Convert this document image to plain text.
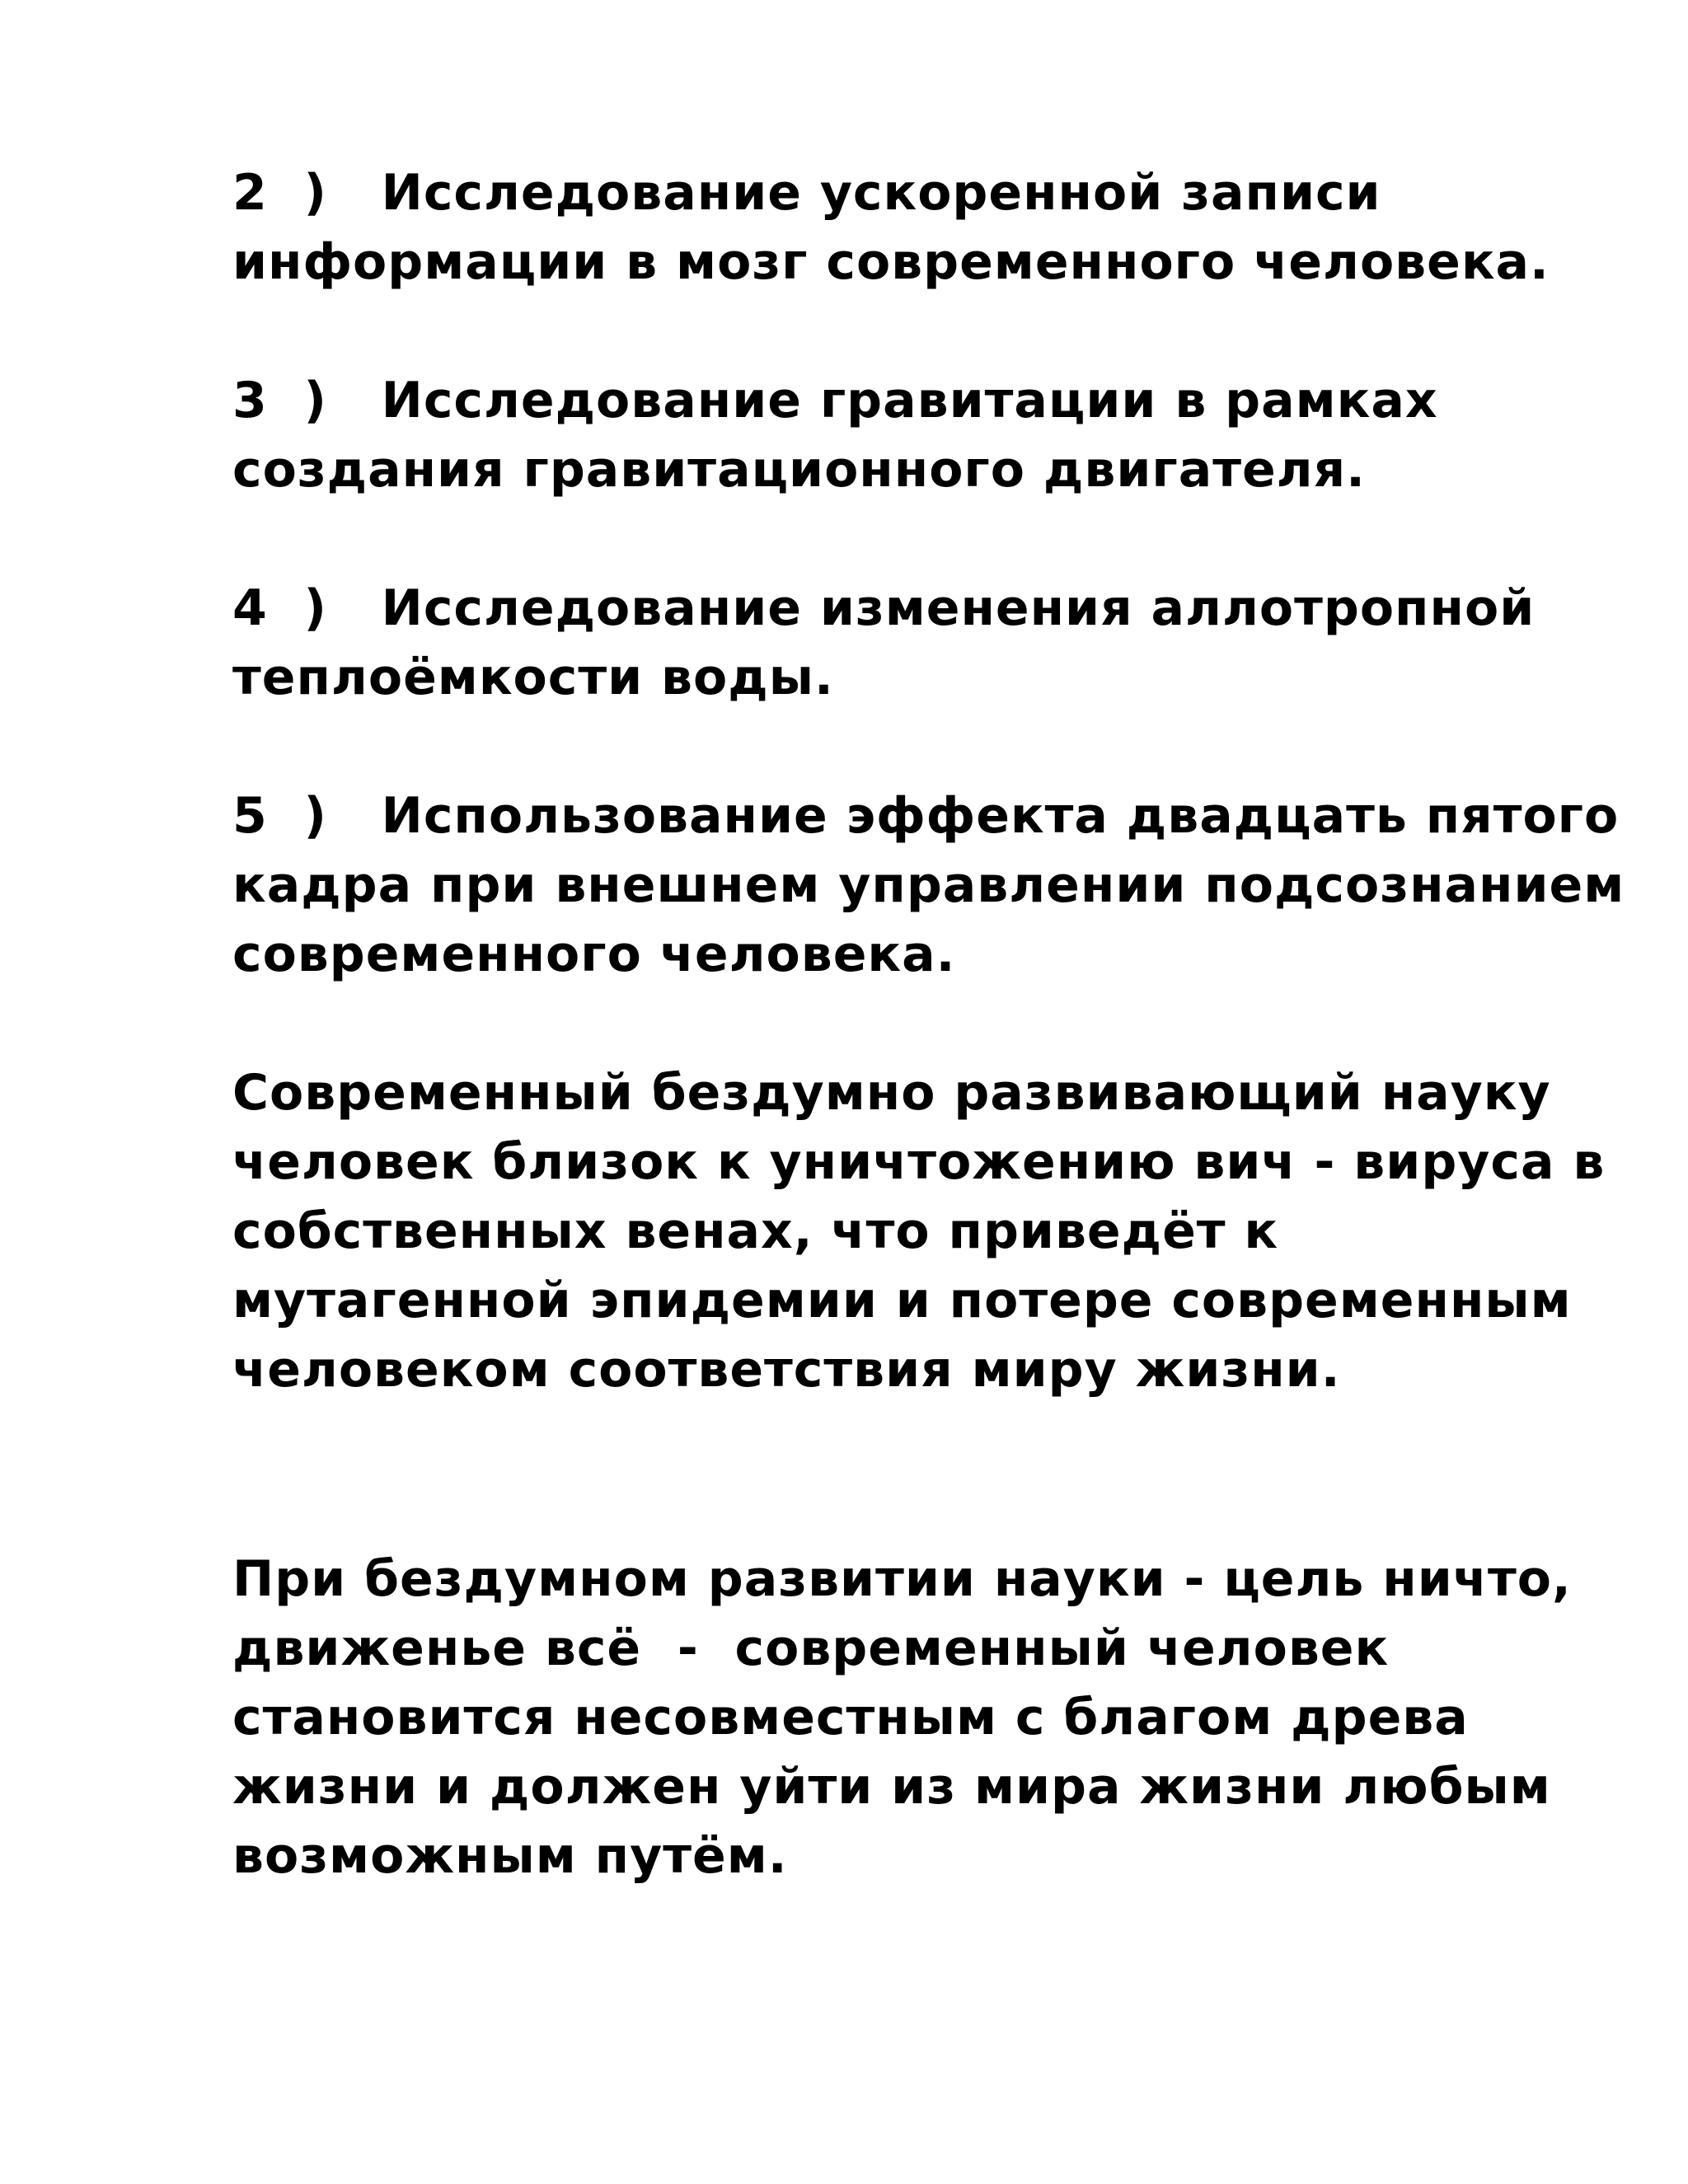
2  )   Исследование ускоренной записи
информации в мозг современного человека.

3  )   Исследование гравитации в рамках
создания гравитационного двигателя.

4  )   Исследование изменения аллотропной
теплоёмкости воды.

5  )   Использование эффекта двадцать пятого
кадра при внешнем управлении подсознанием
современного человека.

Современный бездумно развивающий науку
человек близок к уничтожению вич - вируса в
собственных венах, что приведёт к
мутагенной эпидемии и потере современным
человеком соответствия миру жизни.

При бездумном развитии науки - цель ничто,
движенье всё  -  современный человек
становится несовместным с благом древа
жизни и должен уйти из мира жизни любым
возможным путём.
